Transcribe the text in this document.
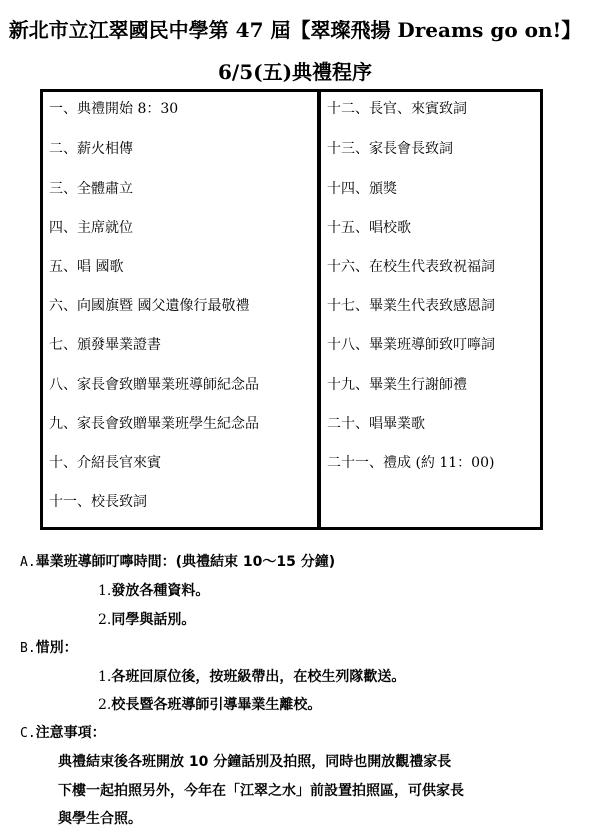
新北市立江翠國民中學第 47 屆【翠璨飛揚 Dreams go on!】
6/5(五)典禮程序
一、典禮開始 8：30
二、薪火相傳
三、全體肅立
四、主席就位
五、唱 國歌
六、向國旗暨 國父遺像行最敬禮
七、頒發畢業證書
八、家長會致贈畢業班導師紀念品
九、家長會致贈畢業班學生紀念品
十、介紹長官來賓
十一、校長致詞
十二、長官、來賓致詞
十三、家長會長致詞
十四、頒獎
十五、唱校歌
十六、在校生代表致祝福詞
十七、畢業生代表致感恩詞
十八、畢業班導師致叮嚀詞
十九、畢業生行謝師禮
二十、唱畢業歌
二十一、禮成 (約 11：00)
A.畢業班導師叮嚀時間：(典禮結束 10～15 分鐘)
1.發放各種資料。
2.同學與話別。
B.惜別：
1.各班回原位後，按班級帶出，在校生列隊歡送。
2.校長暨各班導師引導畢業生離校。
C.注意事項：
典禮結束後各班開放 10 分鐘話別及拍照，同時也開放觀禮家長
下樓一起拍照另外，今年在「江翠之水」前設置拍照區，可供家長
與學生合照。
